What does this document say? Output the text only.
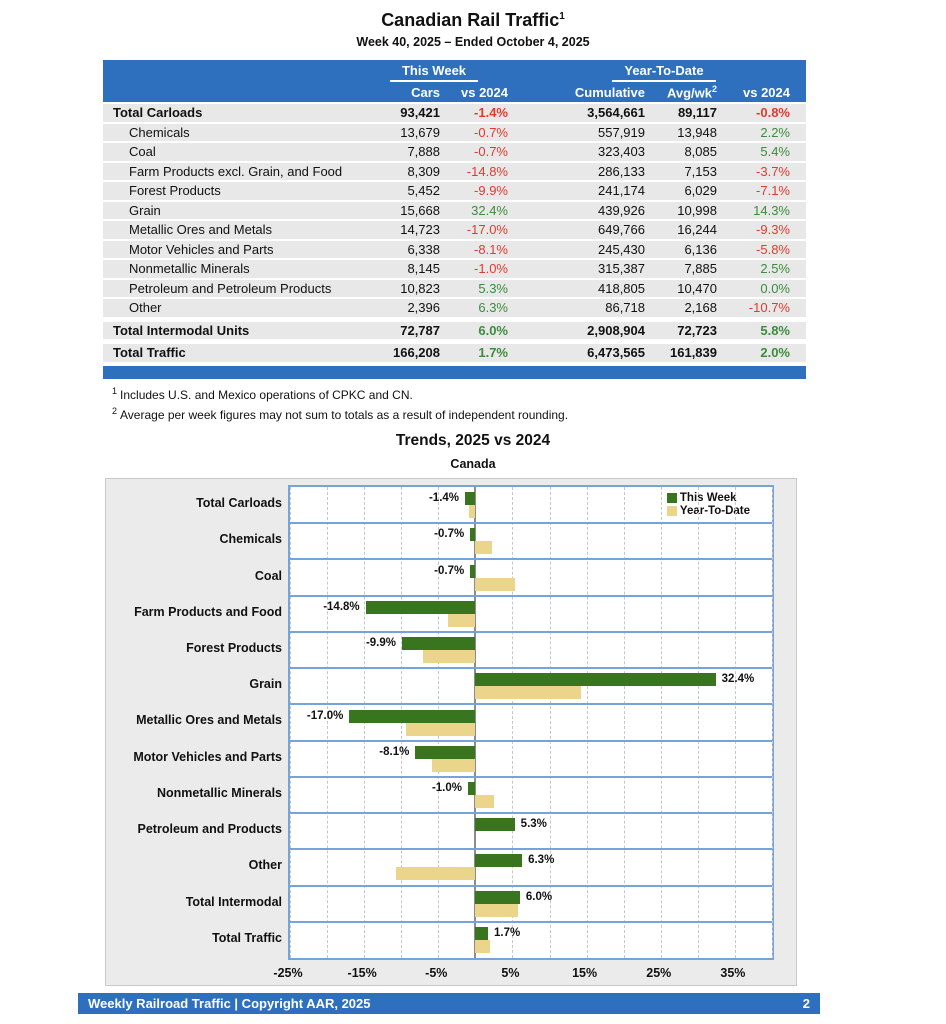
Canadian Rail Traffic$^1$
Week 40, 2025 – Ended October 4, 2025
This Week	Year-To-Date
Cars	vs 2024	Cumulative	Avg/$wk^2$	vs 2024
Total Carloads	93,421	-1.4%	3,564,661	89,117	-0.8%
Chemicals	13,679	-0.7%	557,919	13,948	2.2%
Coal	7,888	-0.7%	323,403	8,085	5.4%
Farm Products excl. Grain, and Food	8,309	-14.8%	286,133	7,153	-3.7%
Forest Products	5,452	-9.9%	241,174	6,029	-7.1%
Grain	15,668	32.4%	439,926	10,998	14.3%
Metallic Ores and Metals	14,723	-17.0%	649,766	16,244	-9.3%
Motor Vehicles and Parts	6,338	-8.1%	245,430	6,136	-5.8%
Nonmetallic Minerals	8,145	-1.0%	315,387	7,885	2.5%
Petroleum and Petroleum Products	10,823	5.3%	418,805	10,470	0.0%
Other	2,396	6.3%	86,718	2,168	-10.7%
Total Intermodal Units	72,787	6.0%	2,908,904	72,723	5.8%
Total Traffic	166,208	1.7%	6,473,565	161,839	2.0%
$^1$ Includes U.S. and Mexico operations of CPKC and CN.
$^2$ Average per week figures may not sum to totals as a result of independent rounding.
Trends, 2025 vs 2024
Canada
Total Carloads
Chemicals
Coal
Farm Products and Food
Forest Products
Grain
Metallic Ores and Metals
Motor Vehicles and Parts
Nonmetallic Minerals
Petroleum and Products
Other
Total Intermodal
Total Traffic
This Week
Year-To-Date
-1.4%
-0.7%
-0.7%
-14.8%
-9.9%
32.4%
-17.0%
-8.1%
-1.0%
5.3%
6.3%
6.0%
1.7%
-25%	-15%	-5%	5%	15%	25%	35%
Weekly Railroad Traffic | Copyright AAR, 2025	2
